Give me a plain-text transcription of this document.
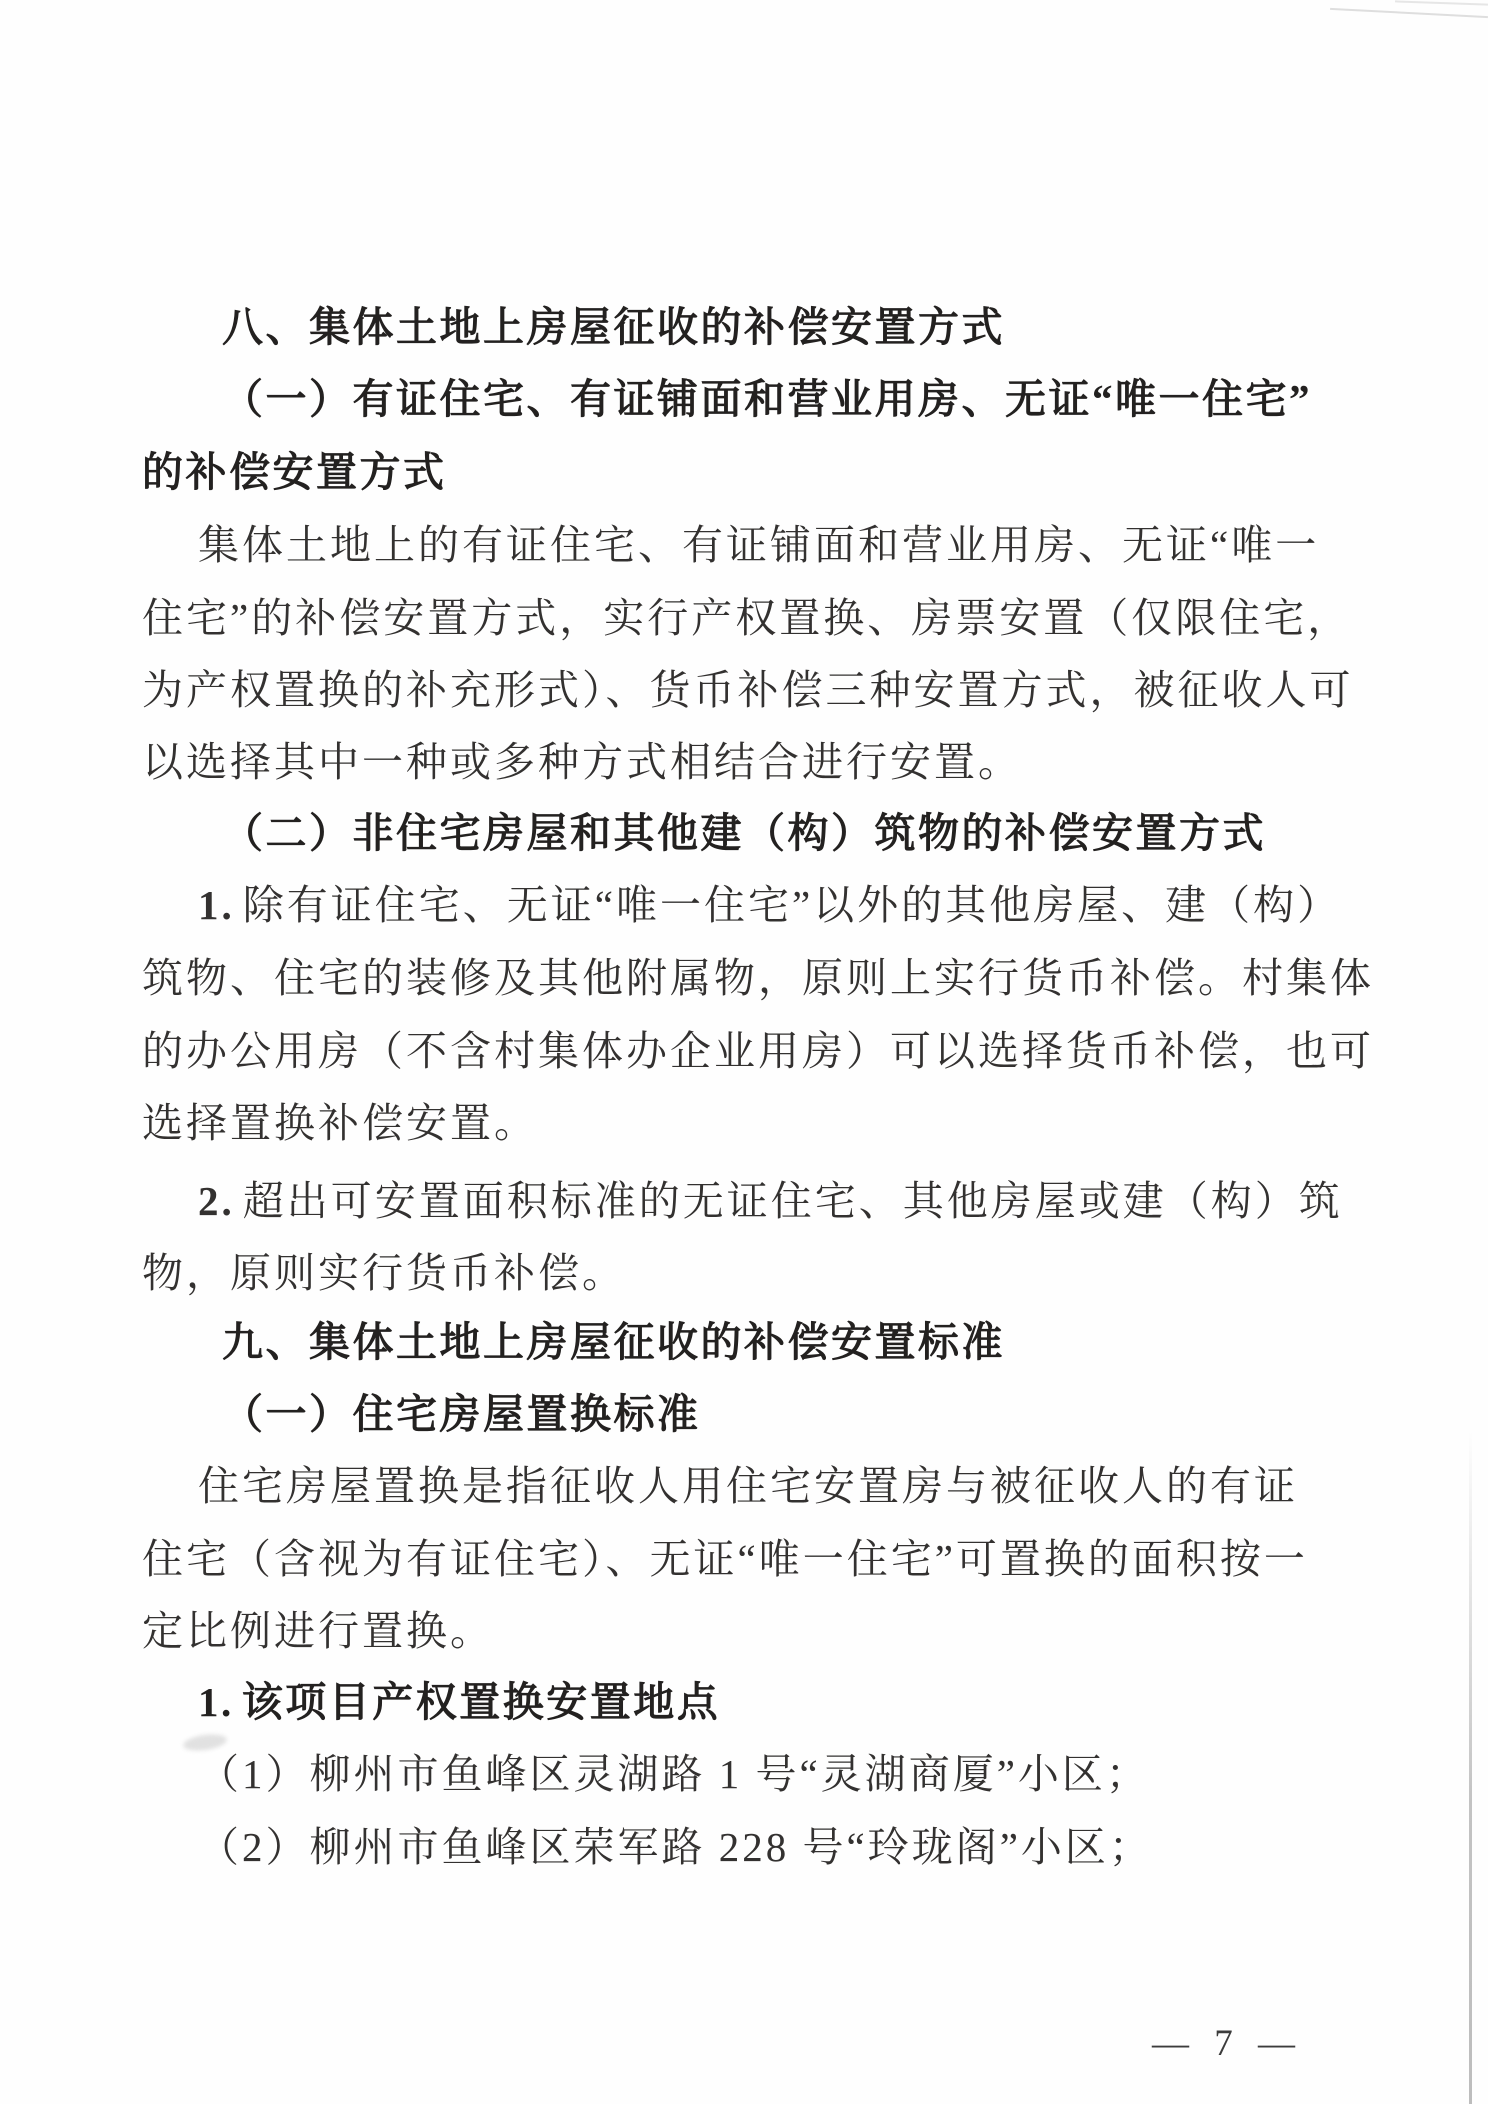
八、集体土地上房屋征收的补偿安置方式
（一）有证住宅、有证铺面和营业用房、无证“唯一住宅”
的补偿安置方式
集体土地上的有证住宅、有证铺面和营业用房、无证“唯一
住宅”的补偿安置方式，实行产权置换、房票安置（仅限住宅，
为产权置换的补充形式）、货币补偿三种安置方式，被征收人可
以选择其中一种或多种方式相结合进行安置。
（二）非住宅房屋和其他建（构）筑物的补偿安置方式
1. 除有证住宅、无证“唯一住宅”以外的其他房屋、建（构）
筑物、住宅的装修及其他附属物，原则上实行货币补偿。村集体
的办公用房（不含村集体办企业用房）可以选择货币补偿，也可
选择置换补偿安置。
2. 超出可安置面积标准的无证住宅、其他房屋或建（构）筑
物，原则实行货币补偿。
九、集体土地上房屋征收的补偿安置标准
（一）住宅房屋置换标准
住宅房屋置换是指征收人用住宅安置房与被征收人的有证
住宅（含视为有证住宅）、无证“唯一住宅”可置换的面积按一
定比例进行置换。
1. 该项目产权置换安置地点
（1）柳州市鱼峰区灵湖路 1 号“灵湖商厦”小区；
（2）柳州市鱼峰区荣军路 228 号“玲珑阁”小区；
— 7 —
